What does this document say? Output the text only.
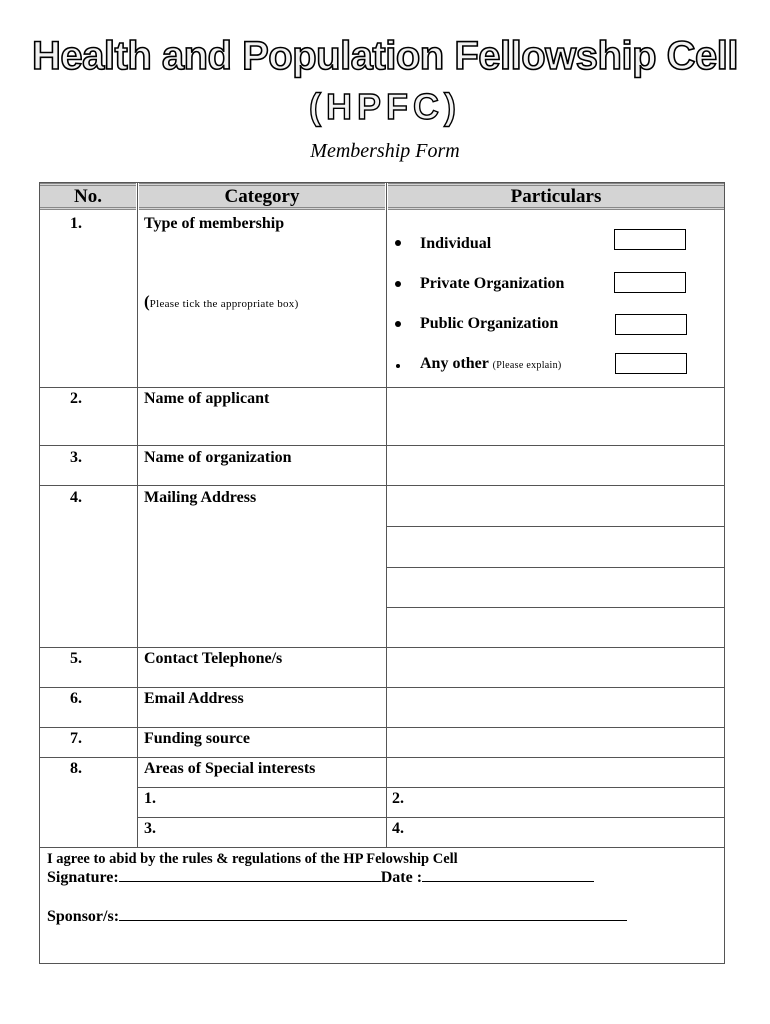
Health and Population Fellowship Cell
(HPFC)
Membership Form
No.	Category	Particulars
1.	Type of membership
(Please tick the appropriate box)
Individual
Private Organization
Public Organization
Any other (Please explain)
2.	Name of applicant
3.	Name of organization
4.	Mailing Address
5.	Contact Telephone/s
6.	Email Address
7.	Funding source
8.	Areas of Special interests
1.	2.
3.	4.
I agree to abid by the rules & regulations of the HP Felowship Cell
Signature:	Date :
Sponsor/s:
